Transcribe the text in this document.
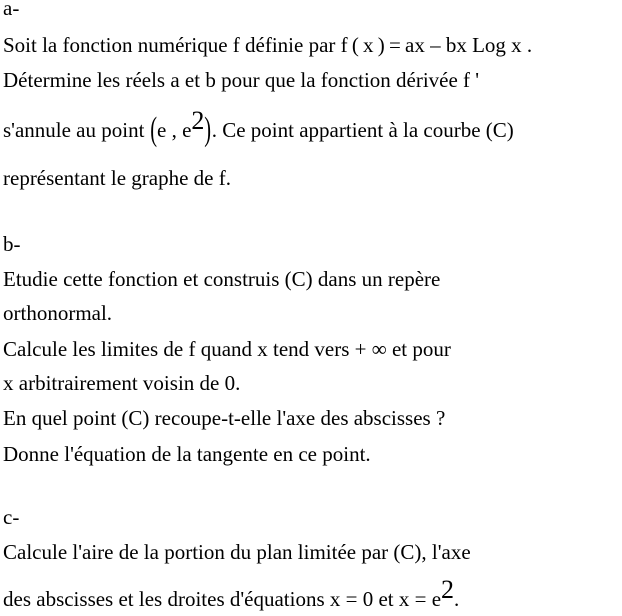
a-
Soit la fonction numérique f définie par f ( x ) = ax – bx Log x .
Détermine les réels a et b pour que la fonction dérivée f '
s'annule au point (e , e2). Ce point appartient à la courbe (C)
représentant le graphe de f.
b-
Etudie cette fonction et construis (C) dans un repère
orthonormal.
Calcule les limites de f quand x tend vers + ∞ et pour
x arbitrairement voisin de 0.
En quel point (C) recoupe-t-elle l'axe des abscisses ?
Donne l'équation de la tangente en ce point.
c-
Calcule l'aire de la portion du plan limitée par (C), l'axe
des abscisses et les droites d'équations x = 0 et x = e2.
